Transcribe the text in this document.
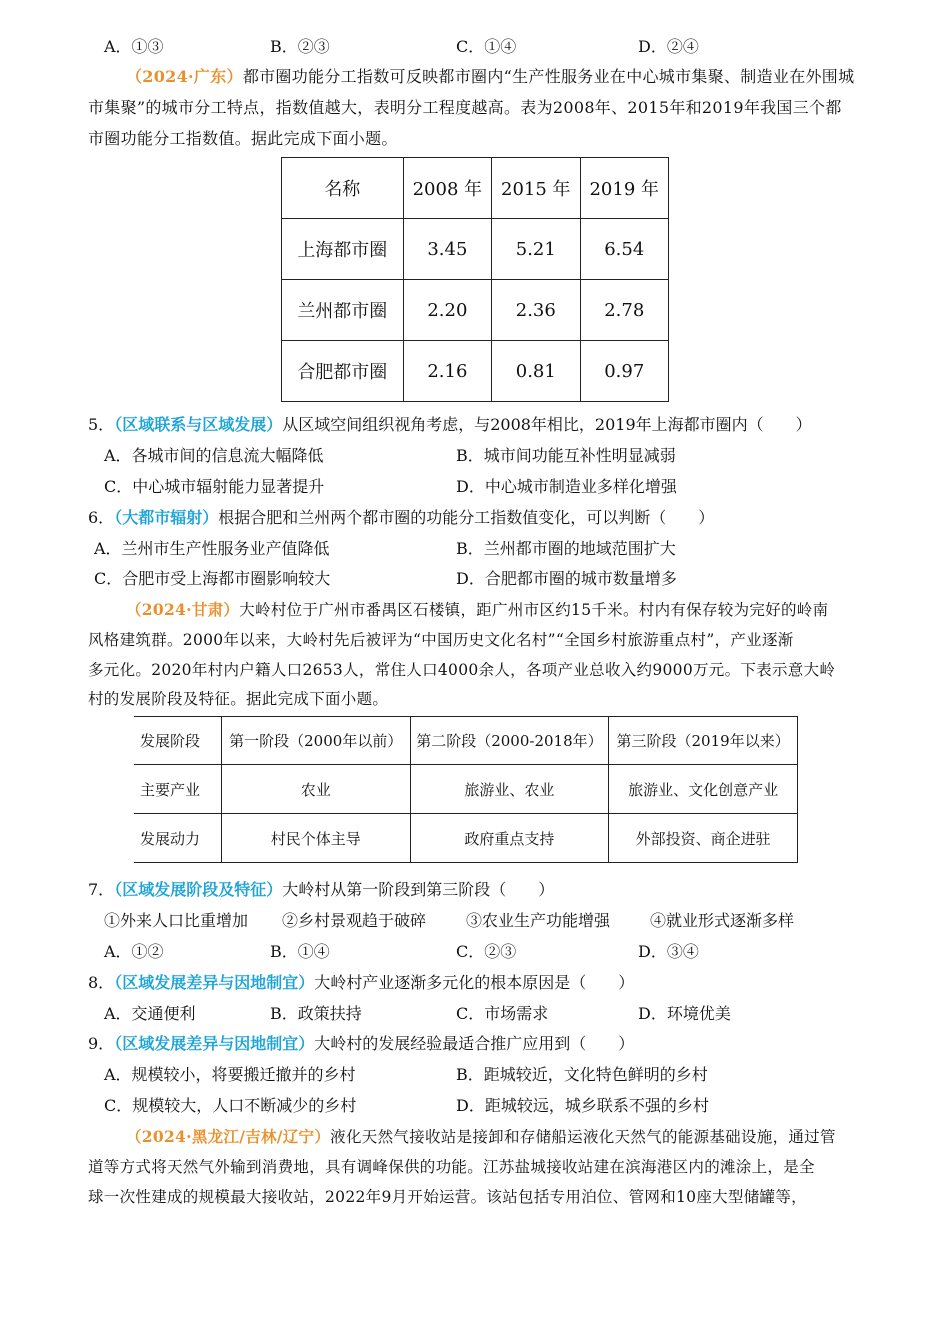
A．①③	B．②③	C．①④	D．②④
（2024·广东）都市圈功能分工指数可反映都市圈内“生产性服务业在中心城市集聚、制造业在外围城
市集聚”的城市分工特点，指数值越大，表明分工程度越高。表为2008年、2015年和2019年我国三个都
市圈功能分工指数值。据此完成下面小题。
名称	2008 年	2015 年	2019 年
上海都市圈	3.45	5.21	6.54
兰州都市圈	2.20	2.36	2.78
合肥都市圈	2.16	0.81	0.97
5．（区域联系与区域发展）从区域空间组织视角考虑，与2008年相比，2019年上海都市圈内（　　）
A．各城市间的信息流大幅降低	B．城市间功能互补性明显减弱
C．中心城市辐射能力显著提升	D．中心城市制造业多样化增强
6．（大都市辐射）根据合肥和兰州两个都市圈的功能分工指数值变化，可以判断（　　）
A．兰州市生产性服务业产值降低	B．兰州都市圈的地域范围扩大
C．合肥市受上海都市圈影响较大	D．合肥都市圈的城市数量增多
（2024·甘肃）大岭村位于广州市番禺区石楼镇，距广州市区约15千米。村内有保存较为完好的岭南
风格建筑群。2000年以来，大岭村先后被评为“中国历史文化名村”“全国乡村旅游重点村”，产业逐渐
多元化。2020年村内户籍人口2653人，常住人口4000余人，各项产业总收入约9000万元。下表示意大岭
村的发展阶段及特征。据此完成下面小题。
发展阶段	第一阶段（2000年以前）	第二阶段（2000-2018年）	第三阶段（2019年以来）
主要产业	农业	旅游业、农业	旅游业、文化创意产业
发展动力	村民个体主导	政府重点支持	外部投资、商企进驻
7．（区域发展阶段及特征）大岭村从第一阶段到第三阶段（　　）
①外来人口比重增加 ②乡村景观趋于破碎 ③农业生产功能增强 ④就业形式逐渐多样
A．①②	B．①④	C．②③	D．③④
8．（区域发展差异与因地制宜）大岭村产业逐渐多元化的根本原因是（　　）
A．交通便利	B．政策扶持	C．市场需求	D．环境优美
9．（区域发展差异与因地制宜）大岭村的发展经验最适合推广应用到（　　）
A．规模较小，将要搬迁撤并的乡村	B．距城较近，文化特色鲜明的乡村
C．规模较大，人口不断减少的乡村	D．距城较远，城乡联系不强的乡村
（2024·黑龙江/吉林/辽宁）液化天然气接收站是接卸和存储船运液化天然气的能源基础设施，通过管
道等方式将天然气外输到消费地，具有调峰保供的功能。江苏盐城接收站建在滨海港区内的滩涂上，是全
球一次性建成的规模最大接收站，2022年9月开始运营。该站包括专用泊位、管网和10座大型储罐等，
